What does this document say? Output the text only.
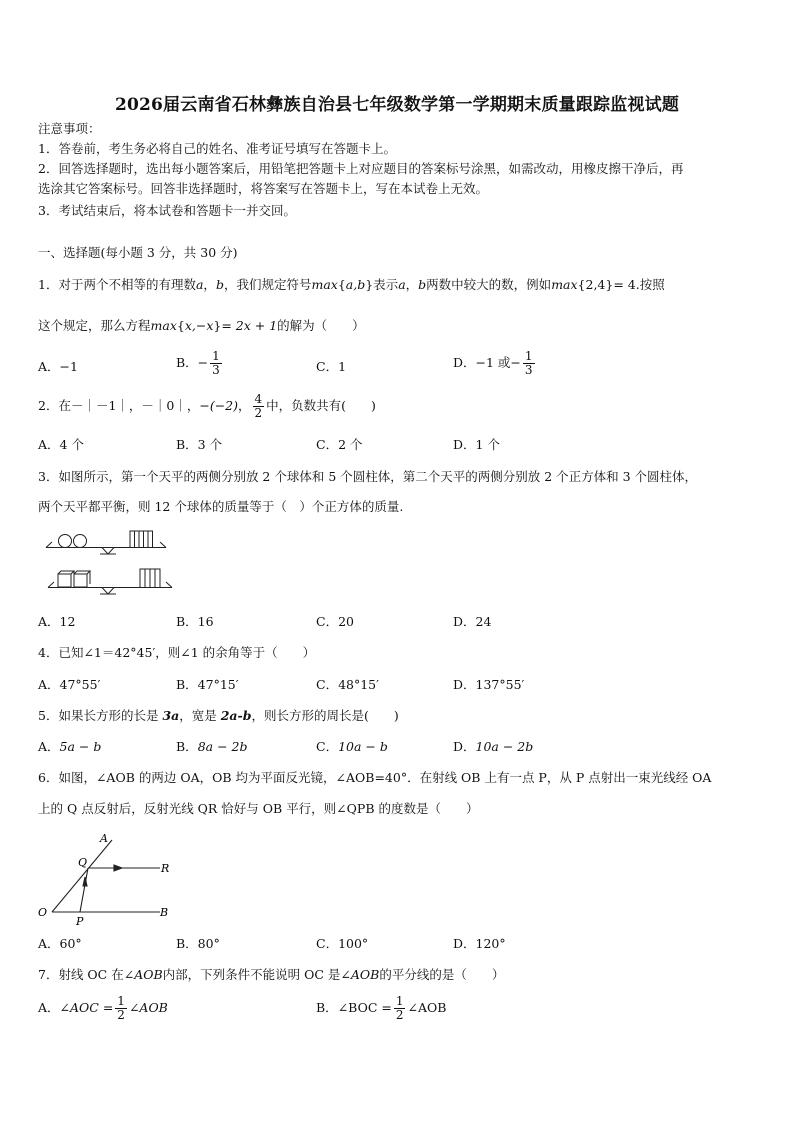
2026届云南省石林彝族自治县七年级数学第一学期期末质量跟踪监视试题
注意事项：
1．答卷前，考生务必将自己的姓名、准考证号填写在答题卡上。
2．回答选择题时，选出每小题答案后，用铅笔把答题卡上对应题目的答案标号涂黑，如需改动，用橡皮擦干净后，再
选涂其它答案标号。回答非选择题时，将答案写在答题卡上，写在本试卷上无效。
3．考试结束后，将本试卷和答题卡一并交回。
一、选择题(每小题 3 分，共 30 分)
1．对于两个不相等的有理数a，b，我们规定符号max{a,b}表示a，b两数中较大的数，例如max{2,4}= 4.按照
这个规定，那么方程max{x,−x}= 2x + 1的解为（　　）
A．−1	B．− $\frac{1}{3}$	C．1	D．−1 或− $\frac{1}{3}$
2．在－｜－1｜，－｜0｜，−(−2)， $\frac{4}{2}$ 中，负数共有(　　)
A．4 个	B．3 个	C．2 个	D．1 个
3．如图所示，第一个天平的两侧分别放 2 个球体和 5 个圆柱体，第二个天平的两侧分别放 2 个正方体和 3 个圆柱体，
两个天平都平衡，则 12 个球体的质量等于（　）个正方体的质量.
A．12	B．16	C．20	D．24
4．已知∠1＝42°45′，则∠1 的余角等于（　　）
A．47°55′	B．47°15′	C．48°15′	D．137°55′
5．如果长方形的长是 3a，宽是 2a-b，则长方形的周长是(　　)
A．5a − b	B．8a − 2b	C．10a − b	D．10a − 2b
6．如图，∠AOB 的两边 OA，OB 均为平面反光镜，∠AOB=40°．在射线 OB 上有一点 P，从 P 点射出一束光线经 OA
上的 Q 点反射后，反射光线 QR 恰好与 OB 平行，则∠QPB 的度数是（　　）
A
Q	R
O
P
B
A．60°	B．80°	C．100°	D．120°
7．射线 OC 在∠AOB内部，下列条件不能说明 OC 是∠AOB的平分线的是（　　）
A．∠AOC = $\frac{1}{2}$ ∠AOB	B．∠BOC = $\frac{1}{2}$ ∠AOB
